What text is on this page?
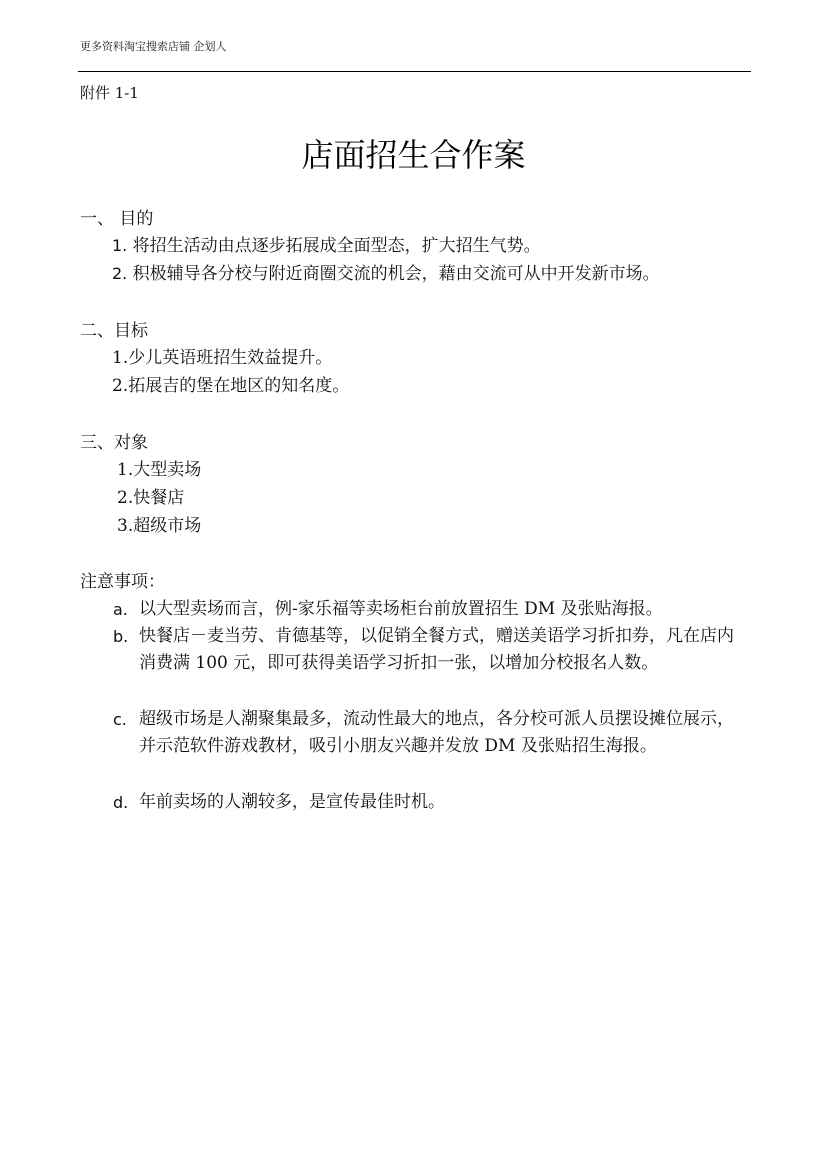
更多资料淘宝搜索店铺 企划人
附件 1-1
店面招生合作案
一、 目的
1. 将招生活动由点逐步拓展成全面型态，扩大招生气势。
2. 积极辅导各分校与附近商圈交流的机会，藉由交流可从中开发新市场。
二、目标
1.少儿英语班招生效益提升。
2.拓展吉的堡在地区的知名度。
三、对象
1.大型卖场
2.快餐店
3.超级市场
注意事项：
a. 以大型卖场而言，例-家乐福等卖场柜台前放置招生 DM 及张贴海报。
b. 快餐店－麦当劳、肯德基等，以促销全餐方式，赠送美语学习折扣券，凡在店内消费满 100 元，即可获得美语学习折扣一张，以增加分校报名人数。
c. 超级市场是人潮聚集最多，流动性最大的地点，各分校可派人员摆设摊位展示，并示范软件游戏教材，吸引小朋友兴趣并发放 DM 及张贴招生海报。
d. 年前卖场的人潮较多，是宣传最佳时机。
